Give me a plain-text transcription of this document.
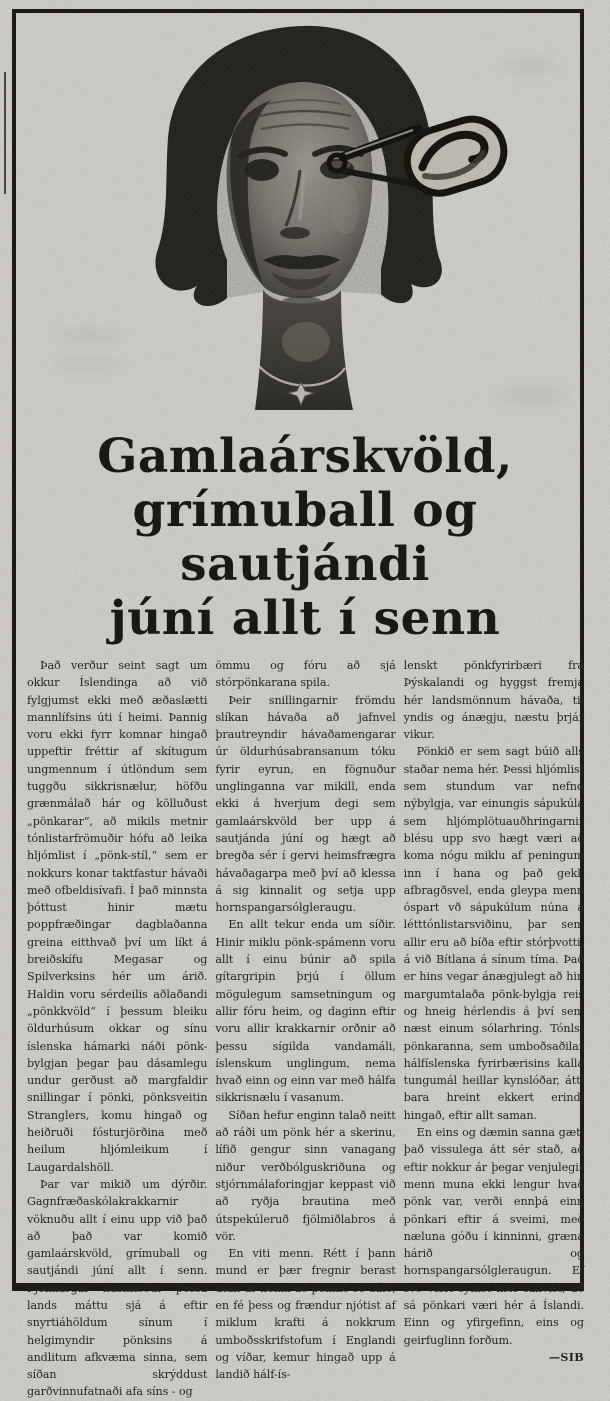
Gamlaárskvöld,
grímuball og
sautjándi
júní allt í senn

Það verður seint sagt um okkur Íslendinga að við fylgjumst ekki með æðaslætti mannlífsins úti í heimi. Þannig voru ekki fyrr komnar hingað uppeftir fréttir af skítugum ungmennum í útlöndum sem tuggðu sikkrisnælur, höfðu grænmálað hár og kölluðust „pönkarar“, að mikils metnir tónlistarfrömuðir hófu að leika hljómlist í „pönk-stíl,“ sem er nokkurs konar taktfastur hávaði með ofbeldisívafi. Í það minnsta þóttust hinir mætu poppfræðingar dagblaðanna greina eitthvað því um líkt á breiðskífu Megasar og Spilverksins hér um árið. Haldin voru sérdeilis aðlaðandi „pönkkvöld“ í þessum bleiku öldurhúsum okkar og sínu íslenska hámarki náði pönk-bylgjan þegar þau dásamlegu undur gerðust að margfaldir snillingar í pönki, pönksveitin Stranglers, komu hingað og heiðruði fósturjörðina með heilum hljómleikum í Laugardalshöll.

Þar var mikið um dýrðir. Gagnfræðaskólakrakkarnir vöknuðu allt í einu upp við það að það var komið gamlaárskvöld, grímuball og sautjándi júní allt í senn. Fjölmargar húsmæður þessa lands máttu sjá á eftir snyrtiáhöldum sínum í helgimyndir pönksins á andlitum afkvæma sinna, sem síðan skrýddust garðvinnufatnaði afa síns - og

ömmu og fóru að sjá stórpönkarana spila.

Þeir snillingarnir frömdu slíkan hávaða að jafnvel þrautreyndir hávaðamengarar úr öldurhúsabransanum tóku fyrir eyrun, en fögnuður unglinganna var mikill, enda ekki á hverjum degi sem gamlaárskvöld ber upp á sautjánda júní og hægt að bregða sér í gervi heimsfrægra hávaðagarpa með því að klessa á sig kinnalit og setja upp hornspangarsólgleraugu.

En allt tekur enda um síðir. Hinir miklu pönk-spámenn voru allt í einu búnir að spila gítargripin þrjú í öllum mögulegum samsetningum og allir fóru heim, og daginn eftir voru allir krakkarnir orðnir að þessu sígilda vandamáli, íslenskum unglingum, nema hvað einn og einn var með hálfa sikkrisnælu í vasanum.

Síðan hefur enginn talað neitt að ráði um pönk hér a skerinu, lífið gengur sinn vanagang niður verðbólguskriðuna og stjórnmálaforingjar keppast við að ryðja brautina með útspekúleruð fjölmiðlabros á vör.

En viti menn. Rétt í þann mund er þær fregnir berast utan úr heimi að pönkið sé dáið, en fé þess og frændur njótist af miklum krafti á nokkrum umboðsskrifstofum í Englandi og víðar, kemur hingað upp á landið hálf-ís-

lenskt pönkfyrirbæri frá Þýskalandi og hyggst fremja hér landsmönnum hávaða, til yndis og ánægju, næstu þrjár vikur.

Pönkið er sem sagt búið alls staðar nema hér. Þessi hljómlist sem stundum var nefnd nýbylgja, var einungis sápukúla sem hljómplötuauðhringarnir blésu upp svo hægt væri að koma nógu miklu af peningum inn í hana og það gekk afbragðsvel, enda gleypa menn óspart vð sápukúlum núna á létttónlistarsviðinu, þar sem allir eru að bíða eftir stórþvotti, á við Bítlana á sínum tíma. Það er hins vegar ánægjulegt að hin margumtalaða pönk-bylgja reis og hneig hérlendis á því sem næst einum sólarhring. Tónlst pönkaranna, sem umboðsaðilar hálfíslenska fyrirbærisins kalla tungumál heillar kynslóðar, átti bara hreint ekkert erindi hingað, eftir allt saman.

En eins og dæmin sanna gæti það vissulega átt sér stað, að eftir nokkur ár þegar venjulegir menn muna ekki lengur hvað pönk var, verði ennþá einn pönkari eftir á sveimi, með næluna góðu í kinninni, græna hárið og hornspangarsólgleraugun. Ef svo væri sýnist mér fullvíst, að sá pönkari væri hér á Íslandi. Einn og yfirgefinn, eins og geirfuglinn forðum.

—SIB
